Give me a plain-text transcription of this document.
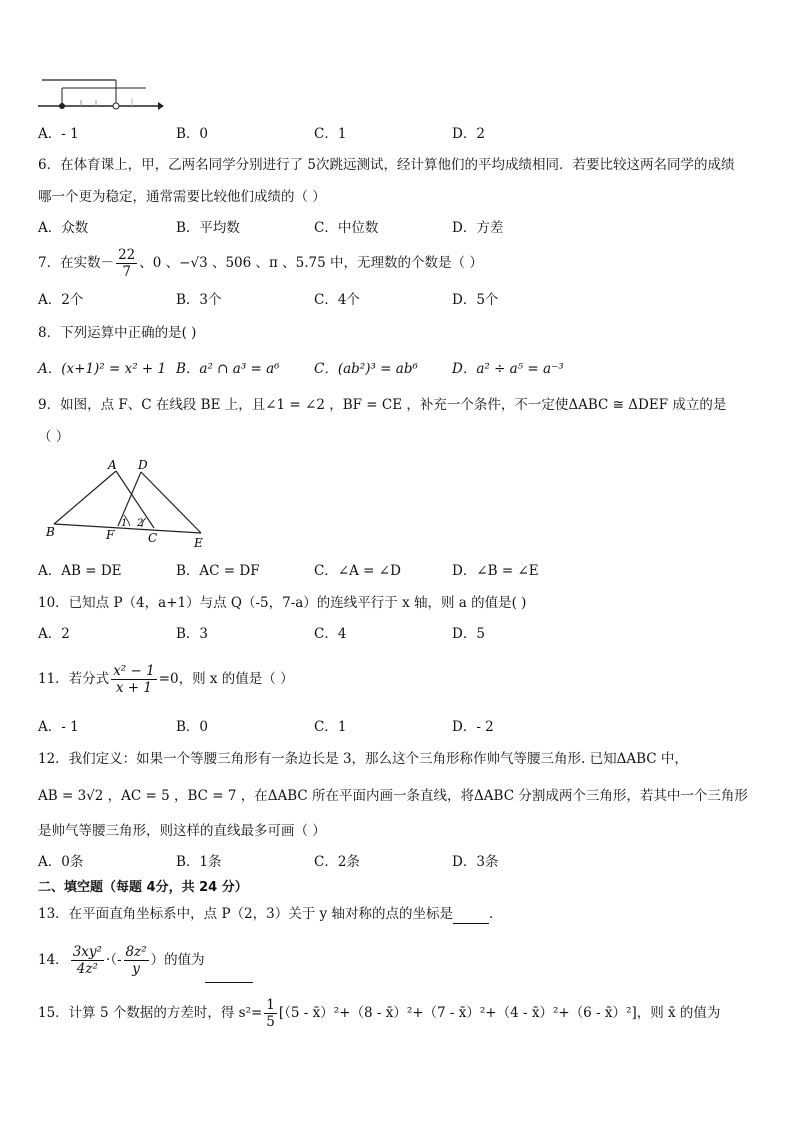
A．- 1	B．0	C．1	D．2
6．在体育课上，甲，乙两名同学分别进行了 5次跳远测试，经计算他们的平均成绩相同．若要比较这两名同学的成绩
哪一个更为稳定，通常需要比较他们成绩的（ ）
A．众数	B．平均数	C．中位数	D．方差
7．在实数－ $\frac{22}{7}$ 、0 、−√3 、506 、π 、5.75 中，无理数的个数是（ ）
A．2个	B．3个	C．4个	D．5个
8．下列运算中正确的是( )
A．(x+1)² = x² + 1 B．a² ∩ a³ = a⁶	C．(ab²)³ = ab⁶	D．a² ÷ a⁵ = a⁻³
9．如图，点 F、C 在线段 BE 上，且∠1 = ∠2 ，BF = CE ，补充一个条件，不一定使ΔABC ≅ ΔDEF 成立的是
（ ）
A D
B	F	C	E
1 2
A．AB = DE	B．AC = DF	C．∠A = ∠D	D．∠B = ∠E
10．已知点 P（4，a+1）与点 Q（-5，7-a）的连线平行于 x 轴，则 a 的值是( )
A．2	B．3	C．4	D．5
11．若分式 $\frac{\text{x² − 1}}{x + 1} =0$，则 x 的值是（ ）
A．- 1	B．0	C．1	D．- 2
12．我们定义：如果一个等腰三角形有一条边长是 3，那么这个三角形称作帅气等腰三角形. 已知ΔABC 中，
AB = 3√2 ，AC = 5 ，BC = 7 ，在ΔABC 所在平面内画一条直线，将ΔABC 分割成两个三角形，若其中一个三角形
是帅气等腰三角形，则这样的直线最多可画（ ）
A．0条	B．1条	C．2条	D．3条
二、填空题（每题 4分，共 24 分）
13．在平面直角坐标系中，点 P（2，3）关于 y 轴对称的点的坐标是	．
14． $\frac{\text{3xy²}}{\text{4z²}}$ ·（- $\frac{\text{8z²}}{y}$ ）的值为
15．计算 5 个数据的方差时，得 $s^2= \frac{1}{5} [(5$ - x̄）²+（8 - x̄）²+（7 - x̄）²+（4 - x̄）²+（6 - x̄）²]，则 x̄ 的值为
